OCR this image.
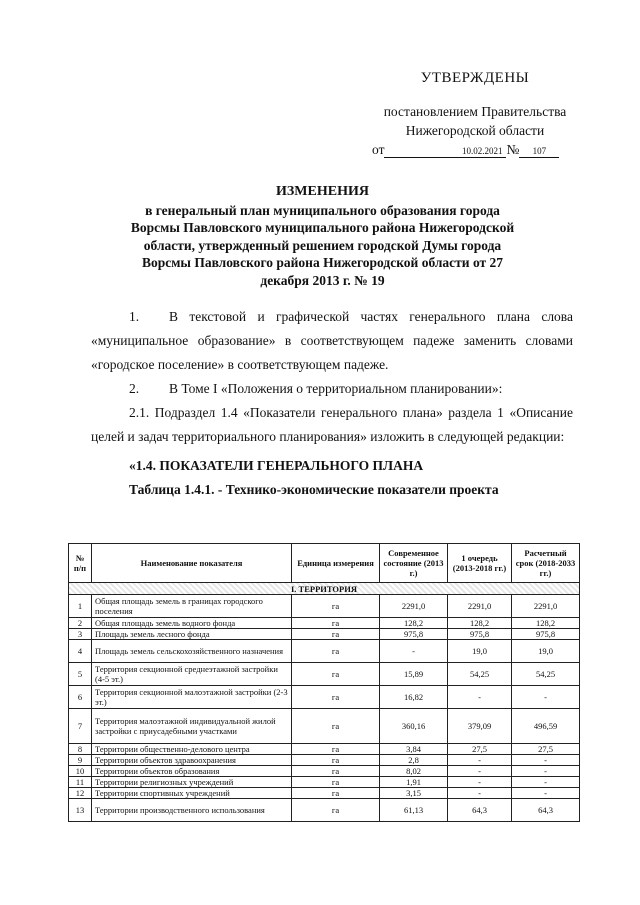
УТВЕРЖДЕНЫ
постановлением Правительства
Нижегородской области
от	10.02.2021 № 107
ИЗМЕНЕНИЯ
в генеральный план муниципального образования города
Ворсмы Павловского муниципального района Нижегородской
области, утвержденный решением городской Думы города
Ворсмы Павловского района Нижегородской области от 27
декабря 2013 г. № 19

1. В текстовой и графической частях генерального плана слова «муниципальное образование» в соответствующем падеже заменить словами «городское поселение» в соответствующем падеже.

2. В Томе I «Положения о территориальном планировании»:

2.1. Подраздел 1.4 «Показатели генерального плана» раздела 1 «Описание целей и задач территориального планирования» изложить в следующей редакции:

«1.4. ПОКАЗАТЕЛИ ГЕНЕРАЛЬНОГО ПЛАНА

Таблица 1.4.1. - Технико-экономические показатели проекта

№ п/п	Наименование показателя	Единица измерения	Современное состояние (2013 г.)	1 очередь (2013-2018 гг.)	Расчетный срок (2018-2033 гг.)
I. ТЕРРИТОРИЯ					
1	Общая площадь земель в границах городского поселения	га	2291,0	2291,0	2291,0
2	Общая площадь земель водного фонда	га	128,2	128,2	128,2
3	Площадь земель лесного фонда	га	975,8	975,8	975,8
4	Площадь земель сельскохозяйственного назначения	га	-	19,0	19,0
5	Территория секционной среднеэтажной застройки (4-5 эт.)	га	15,89	54,25	54,25
6	Территория секционной малоэтажной застройки (2-3 эт.)	га	16,82	-	-
7	Территория малоэтажной индивидуальной жилой застройки с приусадебными участками	га	360,16	379,09	496,59
8	Территории общественно-делового центра	га	3,84	27,5	27,5
9	Территории объектов здравоохранения	га	2,8	-	-
10	Территории объектов образования	га	8,02	-	-
11	Территории религиозных учреждений	га	1,91	-	-
12	Территории спортивных учреждений	га	3,15	-	-
13	Территории производственного использования	га	61,13	64,3	64,3
